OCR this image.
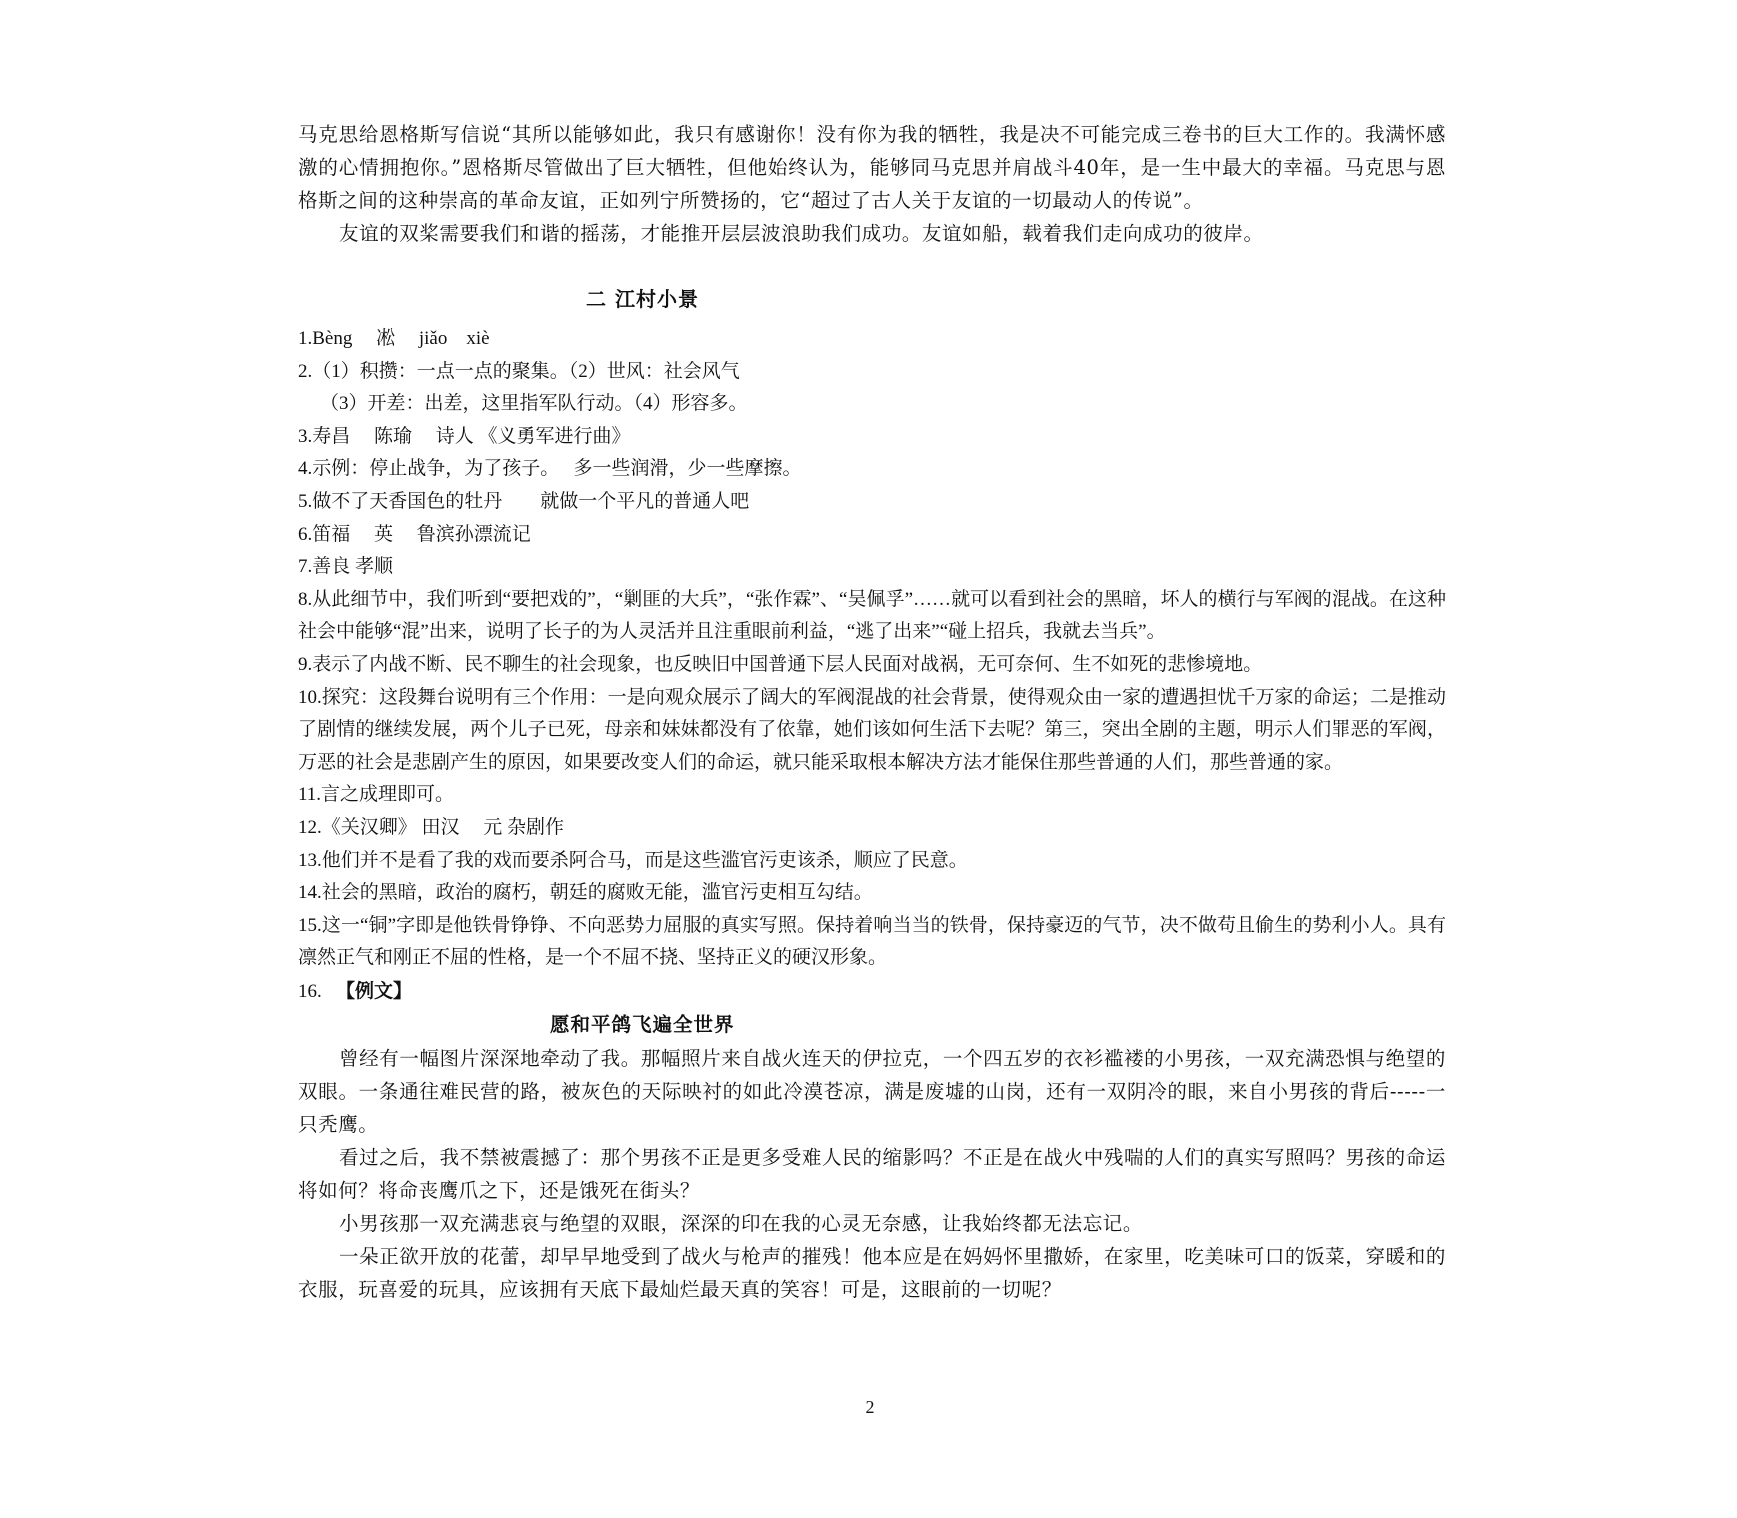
马克思给恩格斯写信说“其所以能够如此，我只有感谢你！没有你为我的牺牲，我是决不可能完成三卷书的巨大工作的。我满怀感激的心情拥抱你。”恩格斯尽管做出了巨大牺牲，但他始终认为，能够同马克思并肩战斗40年，是一生中最大的幸福。马克思与恩格斯之间的这种崇高的革命友谊，正如列宁所赞扬的，它“超过了古人关于友谊的一切最动人的传说”。

友谊的双桨需要我们和谐的摇荡，才能推开层层波浪助我们成功。友谊如船，载着我们走向成功的彼岸。

二 江村小景

1.Bèng　 凇　 jiǎo　xiè

2.（1）积攒：一点一点的聚集。（2）世风：社会风气

（3）开差：出差，这里指军队行动。（4）形容多。

3.寿昌　 陈瑜　 诗人 《义勇军进行曲》

4.示例：停止战争，为了孩子。　 多一些润滑，少一些摩擦。

5.做不了天香国色的牡丹　　就做一个平凡的普通人吧

6.笛福　 英　 鲁滨孙漂流记

7.善良 孝顺

8.从此细节中，我们听到“要把戏的”，“剿匪的大兵”，“张作霖”、“吴佩孚”……就可以看到社会的黑暗，坏人的横行与军阀的混战。在这种社会中能够“混”出来，说明了长子的为人灵活并且注重眼前利益，“逃了出来”“碰上招兵，我就去当兵”。

9.表示了内战不断、民不聊生的社会现象，也反映旧中国普通下层人民面对战祸，无可奈何、生不如死的悲惨境地。

10.探究：这段舞台说明有三个作用：一是向观众展示了阔大的军阀混战的社会背景，使得观众由一家的遭遇担忧千万家的命运；二是推动了剧情的继续发展，两个儿子已死，母亲和妹妹都没有了依靠，她们该如何生活下去呢？第三，突出全剧的主题，明示人们罪恶的军阀，万恶的社会是悲剧产生的原因，如果要改变人们的命运，就只能采取根本解决方法才能保住那些普通的人们，那些普通的家。

11.言之成理即可。

12.《关汉卿》 田汉　 元 杂剧作

13.他们并不是看了我的戏而要杀阿合马，而是这些滥官污吏该杀，顺应了民意。

14.社会的黑暗，政治的腐朽，朝廷的腐败无能，滥官污吏相互勾结。

15.这一“铜”字即是他铁骨铮铮、不向恶势力屈服的真实写照。保持着响当当的铁骨，保持豪迈的气节，决不做苟且偷生的势利小人。具有凛然正气和刚正不屈的性格，是一个不屈不挠、坚持正义的硬汉形象。

16. 【例文】

愿和平鸽飞遍全世界

曾经有一幅图片深深地牵动了我。那幅照片来自战火连天的伊拉克，一个四五岁的衣衫褴褛的小男孩，一双充满恐惧与绝望的双眼。一条通往难民营的路，被灰色的天际映衬的如此冷漠苍凉，满是废墟的山岗，还有一双阴冷的眼，来自小男孩的背后-----一只秃鹰。

看过之后，我不禁被震撼了：那个男孩不正是更多受难人民的缩影吗？不正是在战火中残喘的人们的真实写照吗？男孩的命运将如何？将命丧鹰爪之下，还是饿死在街头？

小男孩那一双充满悲哀与绝望的双眼，深深的印在我的心灵无奈感，让我始终都无法忘记。

一朵正欲开放的花蕾，却早早地受到了战火与枪声的摧残！他本应是在妈妈怀里撒娇，在家里，吃美味可口的饭菜，穿暖和的衣服，玩喜爱的玩具，应该拥有天底下最灿烂最天真的笑容！可是，这眼前的一切呢？

2
